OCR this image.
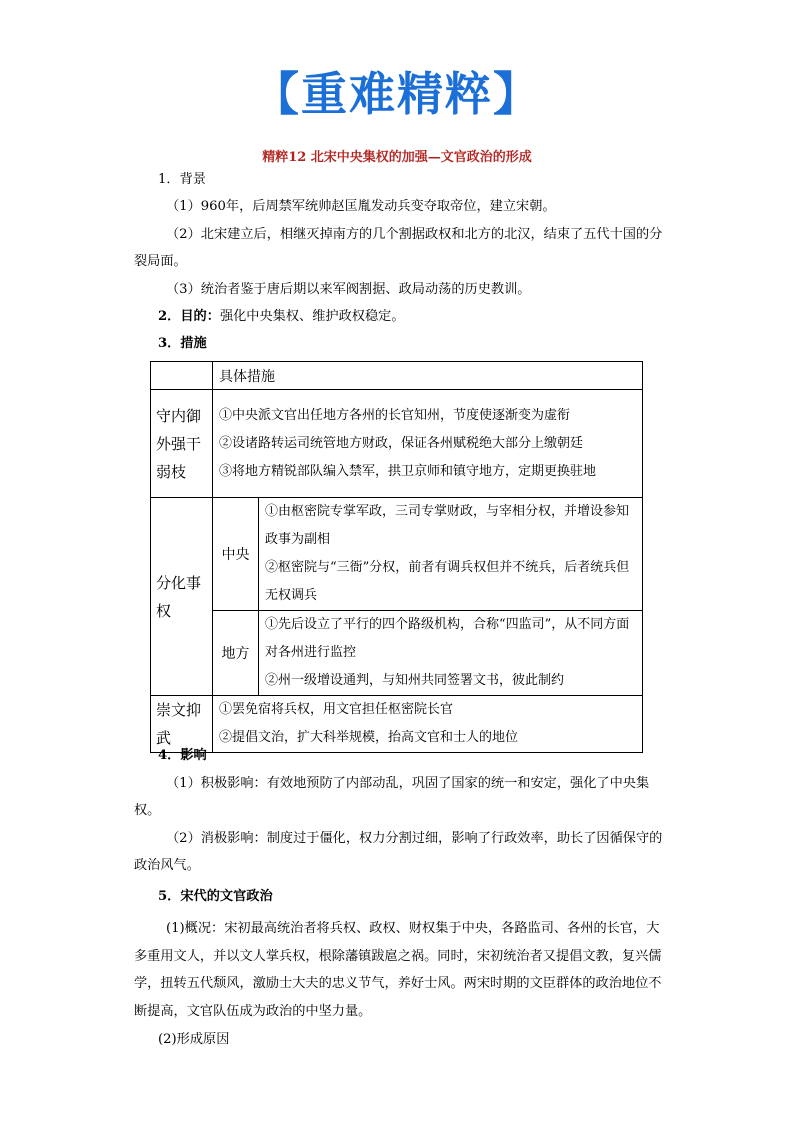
【重难精粹】
精粹12 北宋中央集权的加强—文官政治的形成
1．背景
（1）960年，后周禁军统帅赵匡胤发动兵变夺取帝位，建立宋朝。
（2）北宋建立后，相继灭掉南方的几个割据政权和北方的北汉，结束了五代十国的分裂局面。
（3）统治者鉴于唐后期以来军阀割据、政局动荡的历史教训。
2．目的：强化中央集权、维护政权稳定。
3．措施
	具体措施	
守内御外强干弱枝	①中央派文官出任地方各州的长官知州，节度使逐渐变为虚衔
②设诸路转运司统管地方财政，保证各州赋税绝大部分上缴朝廷
③将地方精锐部队编入禁军，拱卫京师和镇守地方，定期更换驻地	

分化事权	中央	①由枢密院专掌军政，三司专掌财政，与宰相分权，并增设参知政事为副相
②枢密院与“三衙”分权，前者有调兵权但并不统兵，后者统兵但无权调兵

	地方	①先后设立了平行的四个路级机构，合称“四监司”，从不同方面对各州进行监控
②州一级增设通判，与知州共同签署文书，彼此制约

崇文抑武	①罢免宿将兵权，用文官担任枢密院长官
②提倡文治，扩大科举规模，抬高文官和士人的地位	
4．影响
（1）积极影响：有效地预防了内部动乱，巩固了国家的统一和安定，强化了中央集权。
（2）消极影响：制度过于僵化，权力分割过细，影响了行政效率，助长了因循保守的政治风气。
5．宋代的文官政治
(1)概况：宋初最高统治者将兵权、政权、财权集于中央，各路监司、各州的长官，大多重用文人，并以文人掌兵权，根除藩镇跋扈之祸。同时，宋初统治者又提倡文教，复兴儒学，扭转五代颓风，激励士大夫的忠义节气，养好士风。两宋时期的文臣群体的政治地位不断提高，文官队伍成为政治的中坚力量。
(2)形成原因
